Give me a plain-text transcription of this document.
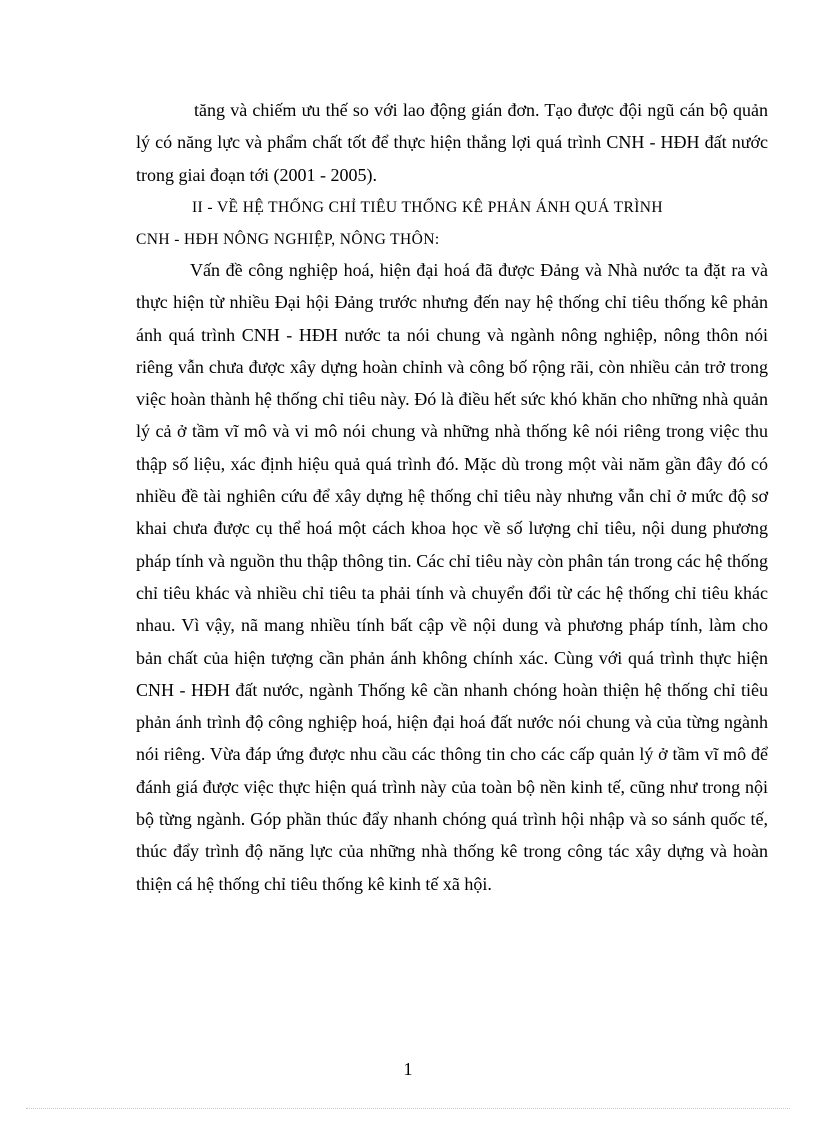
tăng và chiếm ưu thế so với lao động gián đơn. Tạo được đội ngũ cán bộ quản lý có năng lực và phẩm chất tốt để thực hiện thắng lợi quá trình CNH - HĐH đất nước trong giai đoạn tới (2001 - 2005).

II - VỀ HỆ THỐNG CHỈ TIÊU THỐNG KÊ PHẢN ÁNH QUÁ TRÌNH
CNH - HĐH NÔNG NGHIỆP, NÔNG THÔN:

Vấn đề công nghiệp hoá, hiện đại hoá đã được Đảng và Nhà nước ta đặt ra và thực hiện từ nhiều Đại hội Đảng trước nhưng đến nay hệ thống chỉ tiêu thống kê phản ánh quá trình CNH - HĐH nước ta nói chung và ngành nông nghiệp, nông thôn nói riêng vẫn chưa được xây dựng hoàn chỉnh và công bố rộng rãi, còn nhiều cản trở trong việc hoàn thành hệ thống chỉ tiêu này. Đó là điều hết sức khó khăn cho những nhà quản lý cả ở tầm vĩ mô và vi mô nói chung và những nhà thống kê nói riêng trong việc thu thập số liệu, xác định hiệu quả quá trình đó. Mặc dù trong một vài năm gần đây đó có nhiều đề tài nghiên cứu để xây dựng hệ thống chỉ tiêu này nhưng vẫn chỉ ở mức độ sơ khai chưa được cụ thể hoá một cách khoa học về số lượng chỉ tiêu, nội dung phương pháp tính và nguồn thu thập thông tin. Các chỉ tiêu này còn phân tán trong các hệ thống chỉ tiêu khác và nhiều chỉ tiêu ta phải tính và chuyển đổi từ các hệ thống chỉ tiêu khác nhau. Vì vậy, nã mang nhiều tính bất cập về nội dung và phương pháp tính, làm cho bản chất của hiện tượng cần phản ánh không chính xác. Cùng với quá trình thực hiện CNH - HĐH đất nước, ngành Thống kê cần nhanh chóng hoàn thiện hệ thống chỉ tiêu phản ánh trình độ công nghiệp hoá, hiện đại hoá đất nước nói chung và của từng ngành nói riêng. Vừa đáp ứng được nhu cầu các thông tin cho các cấp quản lý ở tầm vĩ mô để đánh giá được việc thực hiện quá trình này của toàn bộ nền kinh tế, cũng như trong nội bộ từng ngành. Góp phần thúc đẩy nhanh chóng quá trình hội nhập và so sánh quốc tế, thúc đẩy trình độ năng lực của những nhà thống kê trong công tác xây dựng và hoàn thiện cá hệ thống chỉ tiêu thống kê kinh tế xã hội.

1
